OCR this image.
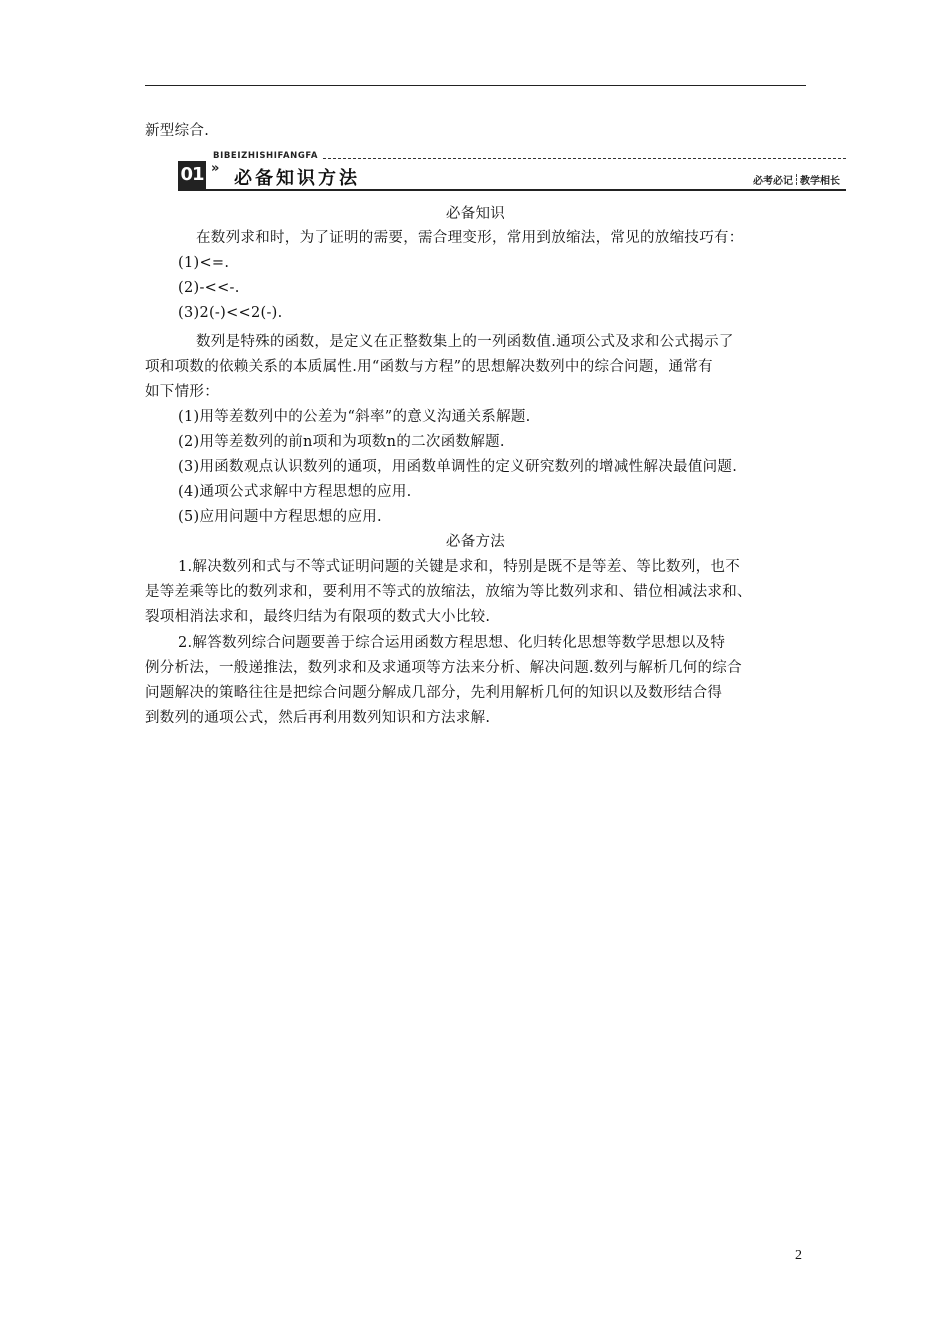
新型综合.
BIBEIZHISHIFANGFA
01 » 必备知识方法	必考必记 教学相长
必备知识
在数列求和时，为了证明的需要，需合理变形，常用到放缩法，常见的放缩技巧有：
(1)<=.
(2)-<<-.
(3)2(-)<<2(-).
数列是特殊的函数，是定义在正整数集上的一列函数值.通项公式及求和公式揭示了
项和项数的依赖关系的本质属性.用“函数与方程”的思想解决数列中的综合问题，通常有
如下情形：
(1)用等差数列中的公差为“斜率”的意义沟通关系解题.
(2)用等差数列的前n项和为项数n的二次函数解题.
(3)用函数观点认识数列的通项，用函数单调性的定义研究数列的增减性解决最值问题.
(4)通项公式求解中方程思想的应用.
(5)应用问题中方程思想的应用.
必备方法
1.解决数列和式与不等式证明问题的关键是求和，特别是既不是等差、等比数列，也不
是等差乘等比的数列求和，要利用不等式的放缩法，放缩为等比数列求和、错位相减法求和、
裂项相消法求和，最终归结为有限项的数式大小比较.
2.解答数列综合问题要善于综合运用函数方程思想、化归转化思想等数学思想以及特
例分析法，一般递推法，数列求和及求通项等方法来分析、解决问题.数列与解析几何的综合
问题解决的策略往往是把综合问题分解成几部分，先利用解析几何的知识以及数形结合得
到数列的通项公式，然后再利用数列知识和方法求解.
2
